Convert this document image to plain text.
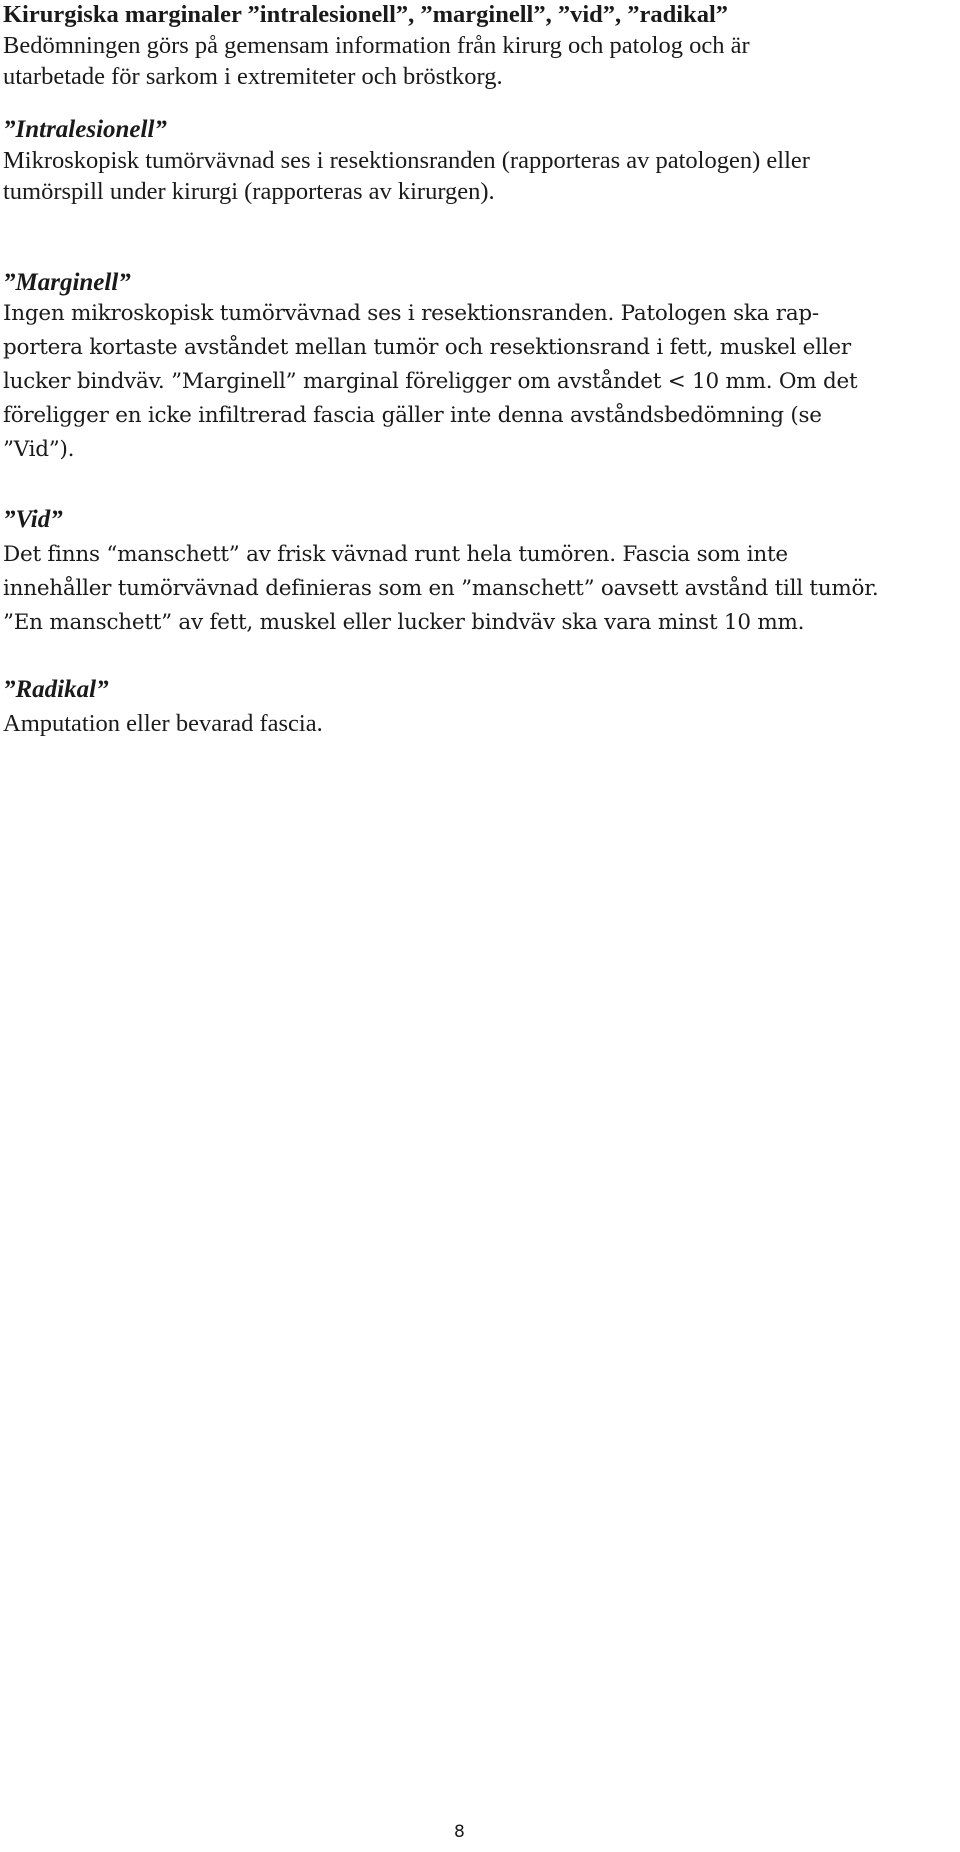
Kirurgiska marginaler ”intralesionell”, ”marginell”, ”vid”, ”radikal”

Bedömningen görs på gemensam information från kirurg och patolog och är
utarbetade för sarkom i extremiteter och bröstkorg.

”Intralesionell”

Mikroskopisk tumörvävnad ses i resektionsranden (rapporteras av patologen) eller
tumörspill under kirurgi (rapporteras av kirurgen).

”Marginell”

Ingen mikroskopisk tumörvävnad ses i resektionsranden. Patologen ska rap-
portera kortaste avståndet mellan tumör och resektionsrand i fett, muskel eller
lucker bindväv. ”Marginell” marginal föreligger om avståndet < 10 mm. Om det
föreligger en icke infiltrerad fascia gäller inte denna avståndsbedömning (se
”Vid”).

”Vid”

Det finns “manschett” av frisk vävnad runt hela tumören. Fascia som inte
innehåller tumörvävnad definieras som en ”manschett” oavsett avstånd till tumör.
”En manschett” av fett, muskel eller lucker bindväv ska vara minst 10 mm.

”Radikal”

Amputation eller bevarad fascia.

8
